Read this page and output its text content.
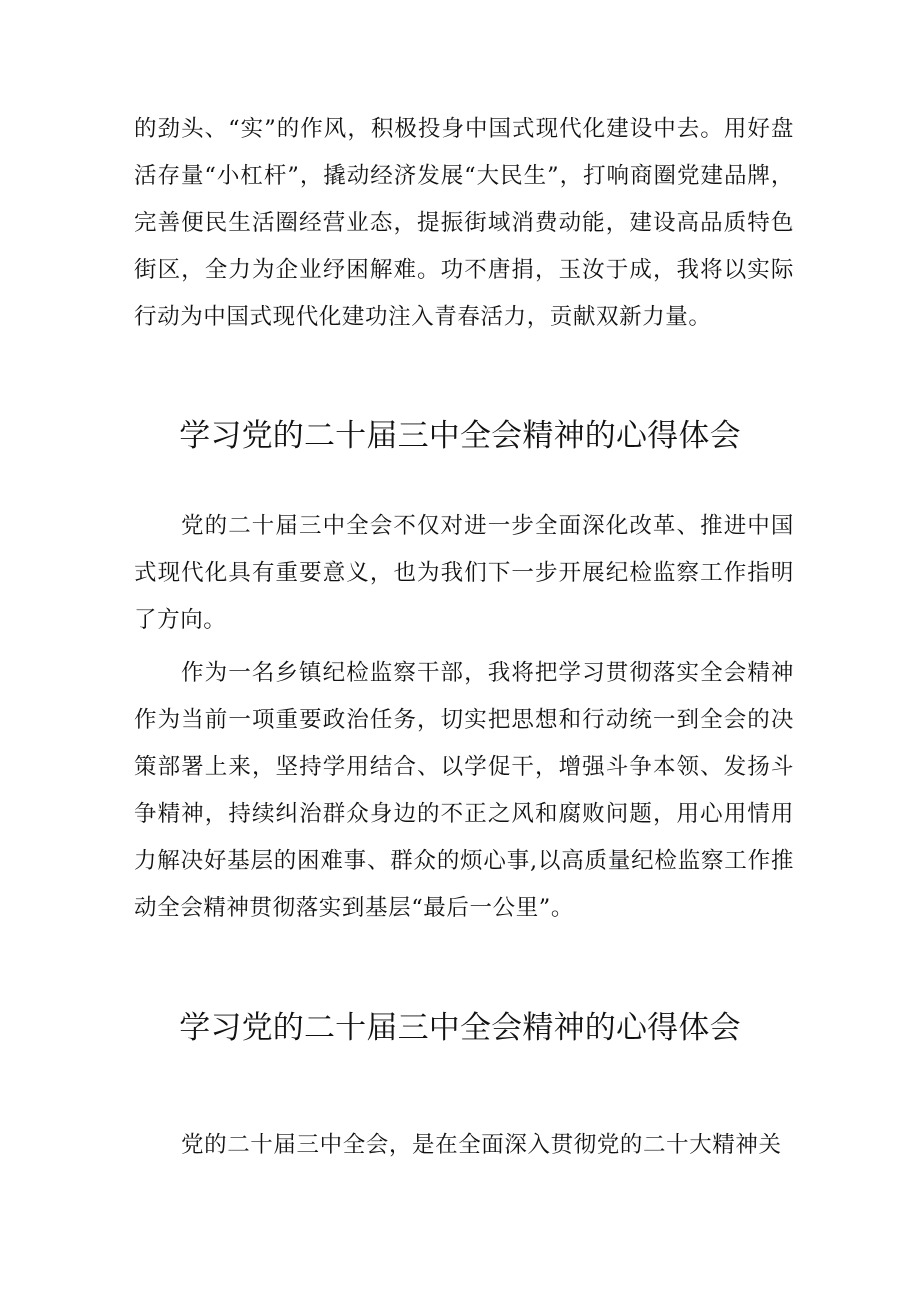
的劲头、“实”的作风，积极投身中国式现代化建设中去。用好盘活存量“小杠杆”，撬动经济发展“大民生”，打响商圈党建品牌，完善便民生活圈经营业态，提振街域消费动能，建设高品质特色街区，全力为企业纾困解难。功不唐捐，玉汝于成，我将以实际行动为中国式现代化建功注入青春活力，贡献双新力量。

学习党的二十届三中全会精神的心得体会

党的二十届三中全会不仅对进一步全面深化改革、推进中国式现代化具有重要意义，也为我们下一步开展纪检监察工作指明了方向。

作为一名乡镇纪检监察干部，我将把学习贯彻落实全会精神作为当前一项重要政治任务，切实把思想和行动统一到全会的决策部署上来，坚持学用结合、以学促干，增强斗争本领、发扬斗争精神，持续纠治群众身边的不正之风和腐败问题，用心用情用力解决好基层的困难事、群众的烦心事,以高质量纪检监察工作推动全会精神贯彻落实到基层“最后一公里”。

学习党的二十届三中全会精神的心得体会

党的二十届三中全会，是在全面深入贯彻党的二十大精神关
